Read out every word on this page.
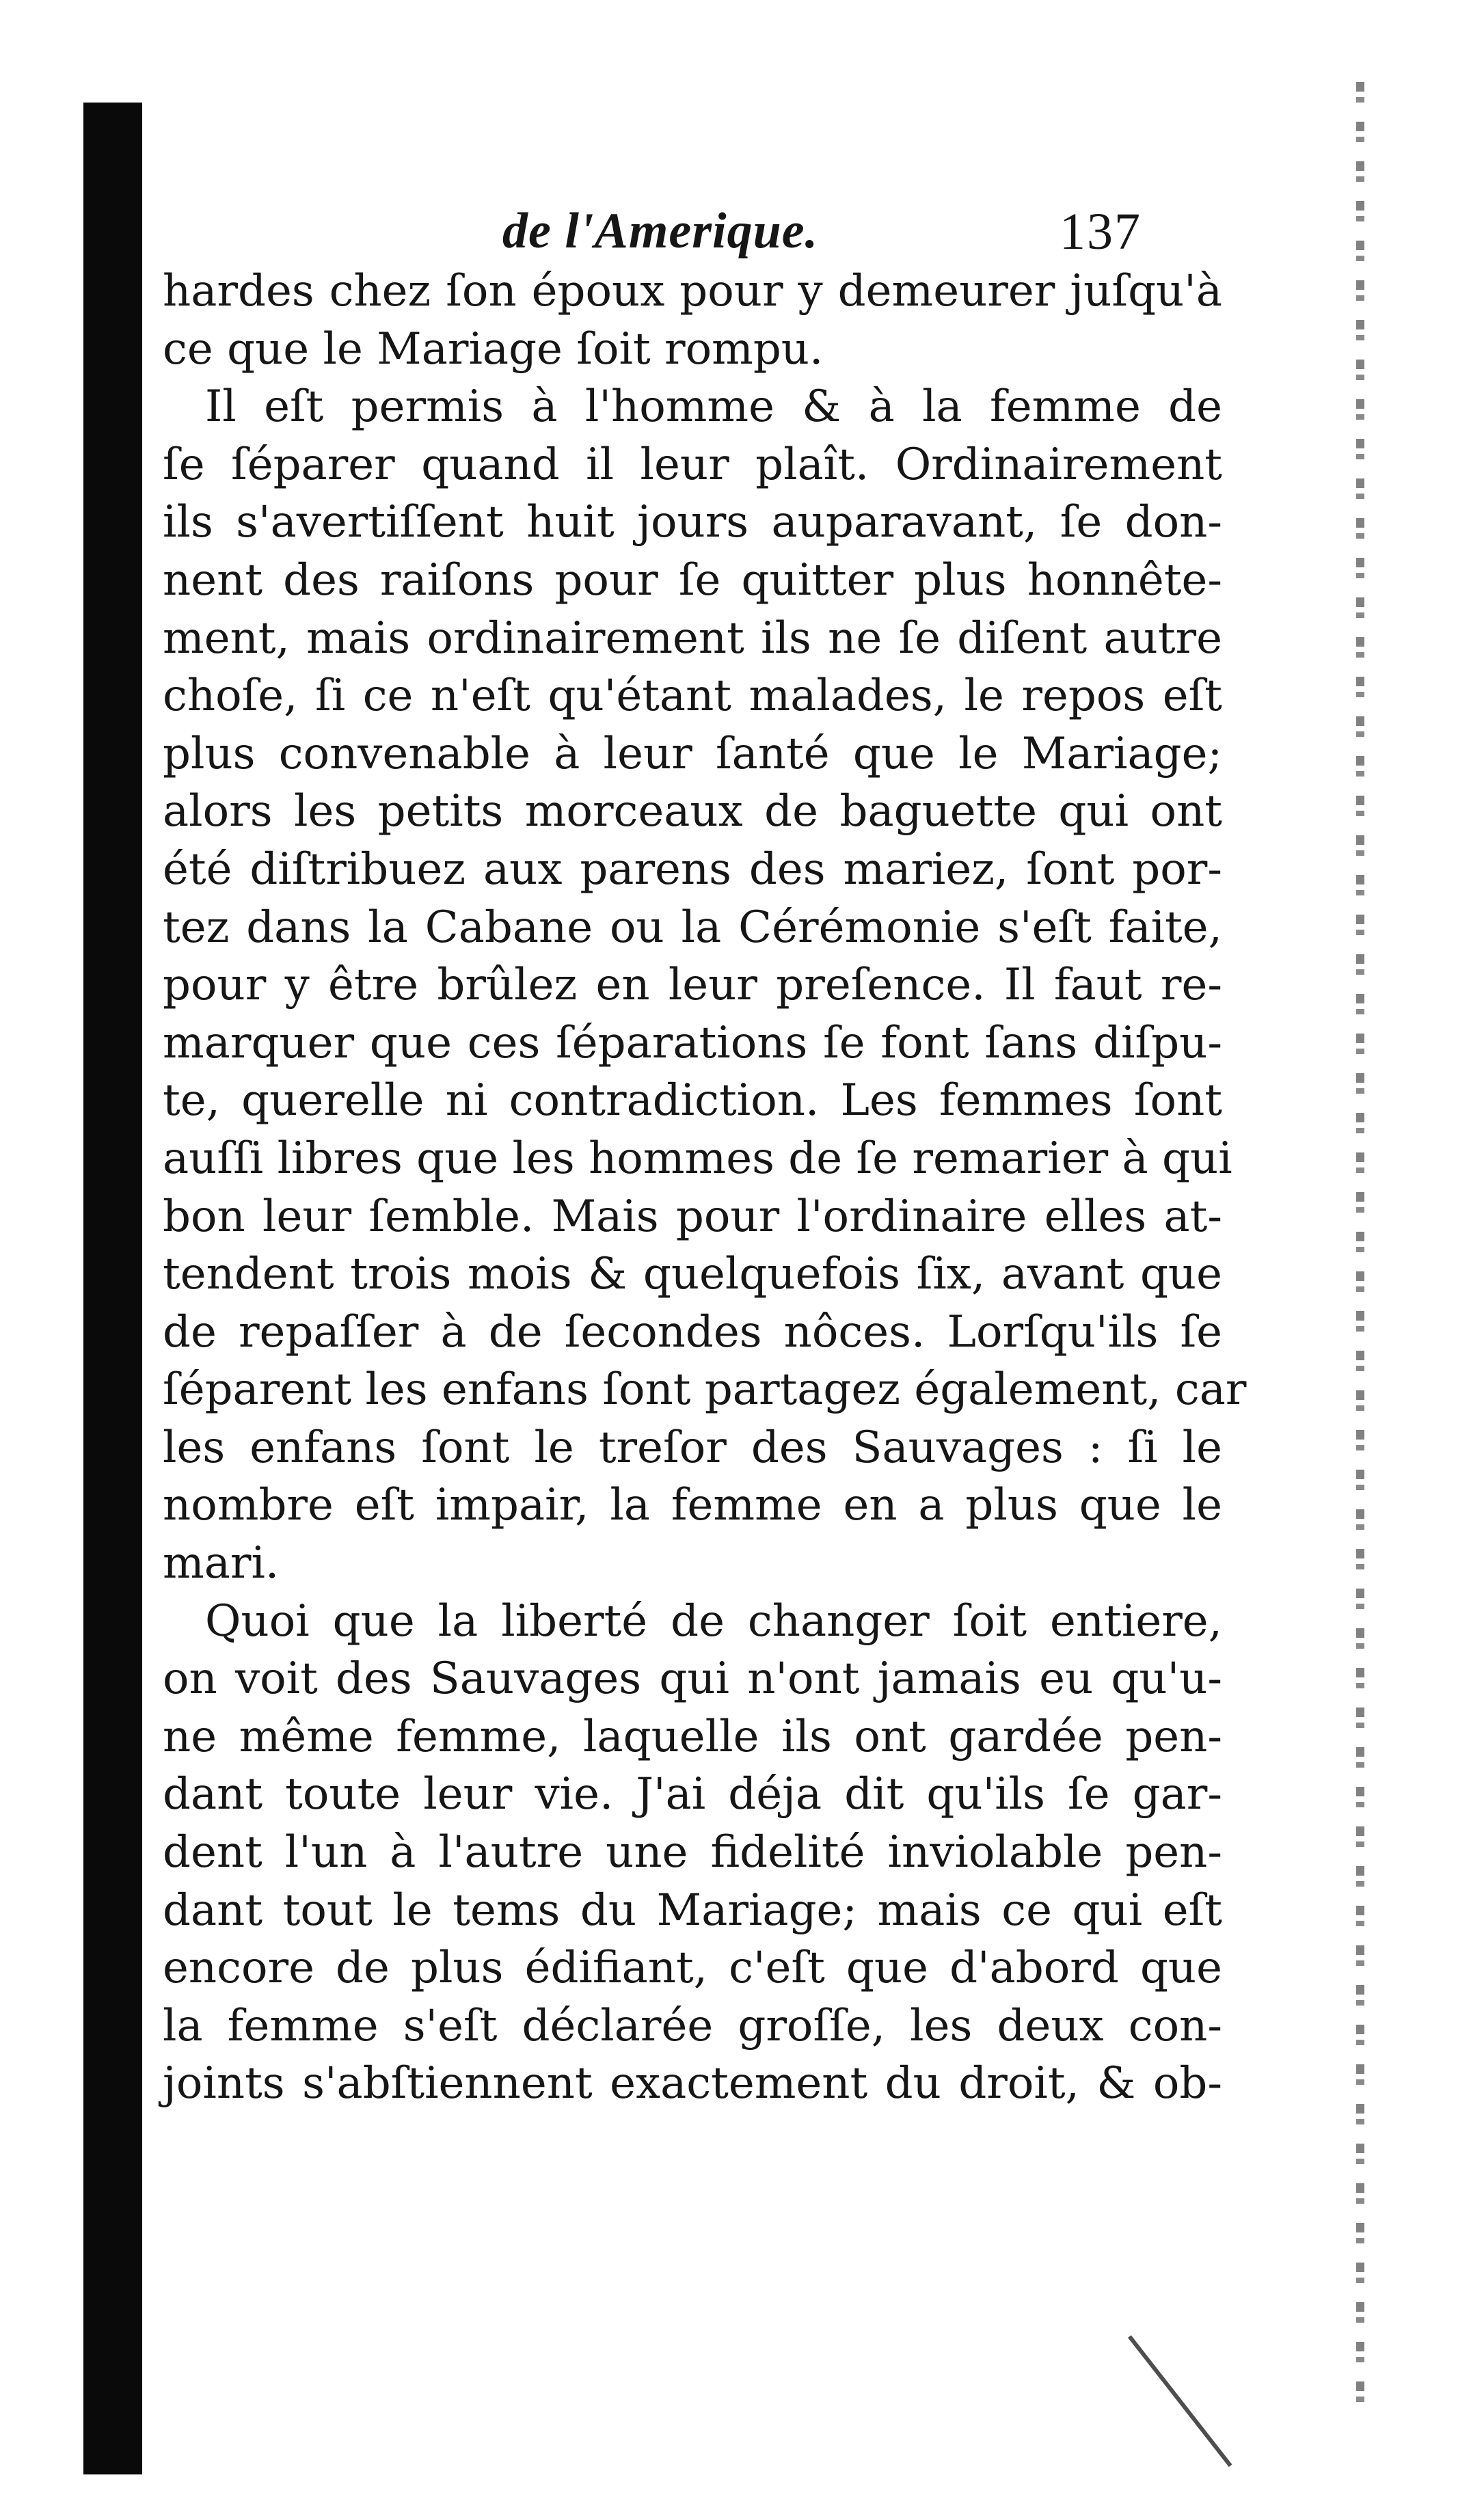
de l'Amerique.	137
hardes chez ſon époux pour y demeurer juſqu'à
ce que le Mariage ſoit rompu.
Il eſt permis à l'homme & à la femme de
ſe ſéparer quand il leur plaît. Ordinairement
ils s'avertiſſent huit jours auparavant, ſe don-
nent des raiſons pour ſe quitter plus honnête-
ment, mais ordinairement ils ne ſe diſent autre
choſe, ſi ce n'eſt qu'étant malades, le repos eſt
plus convenable à leur ſanté que le Mariage;
alors les petits morceaux de baguette qui ont
été diſtribuez aux parens des mariez, ſont por-
tez dans la Cabane ou la Cérémonie s'eſt faite,
pour y être brûlez en leur preſence. Il faut re-
marquer que ces ſéparations ſe font ſans diſpu-
te, querelle ni contradiction. Les femmes ſont
auſſi libres que les hommes de ſe remarier à qui
bon leur ſemble. Mais pour l'ordinaire elles at-
tendent trois mois & quelquefois ſix, avant que
de repaſſer à de ſecondes nôces. Lorſqu'ils ſe
ſéparent les enfans ſont partagez également, car
les enfans ſont le treſor des Sauvages : ſi le
nombre eſt impair, la femme en a plus que le
mari.
Quoi que la liberté de changer ſoit entiere,
on voit des Sauvages qui n'ont jamais eu qu'u-
ne même femme, laquelle ils ont gardée pen-
dant toute leur vie. J'ai déja dit qu'ils ſe gar-
dent l'un à l'autre une fidelité inviolable pen-
dant tout le tems du Mariage; mais ce qui eſt
encore de plus édifiant, c'eſt que d'abord que
la femme s'eſt déclarée groſſe, les deux con-
joints s'abſtiennent exactement du droit, & ob-
